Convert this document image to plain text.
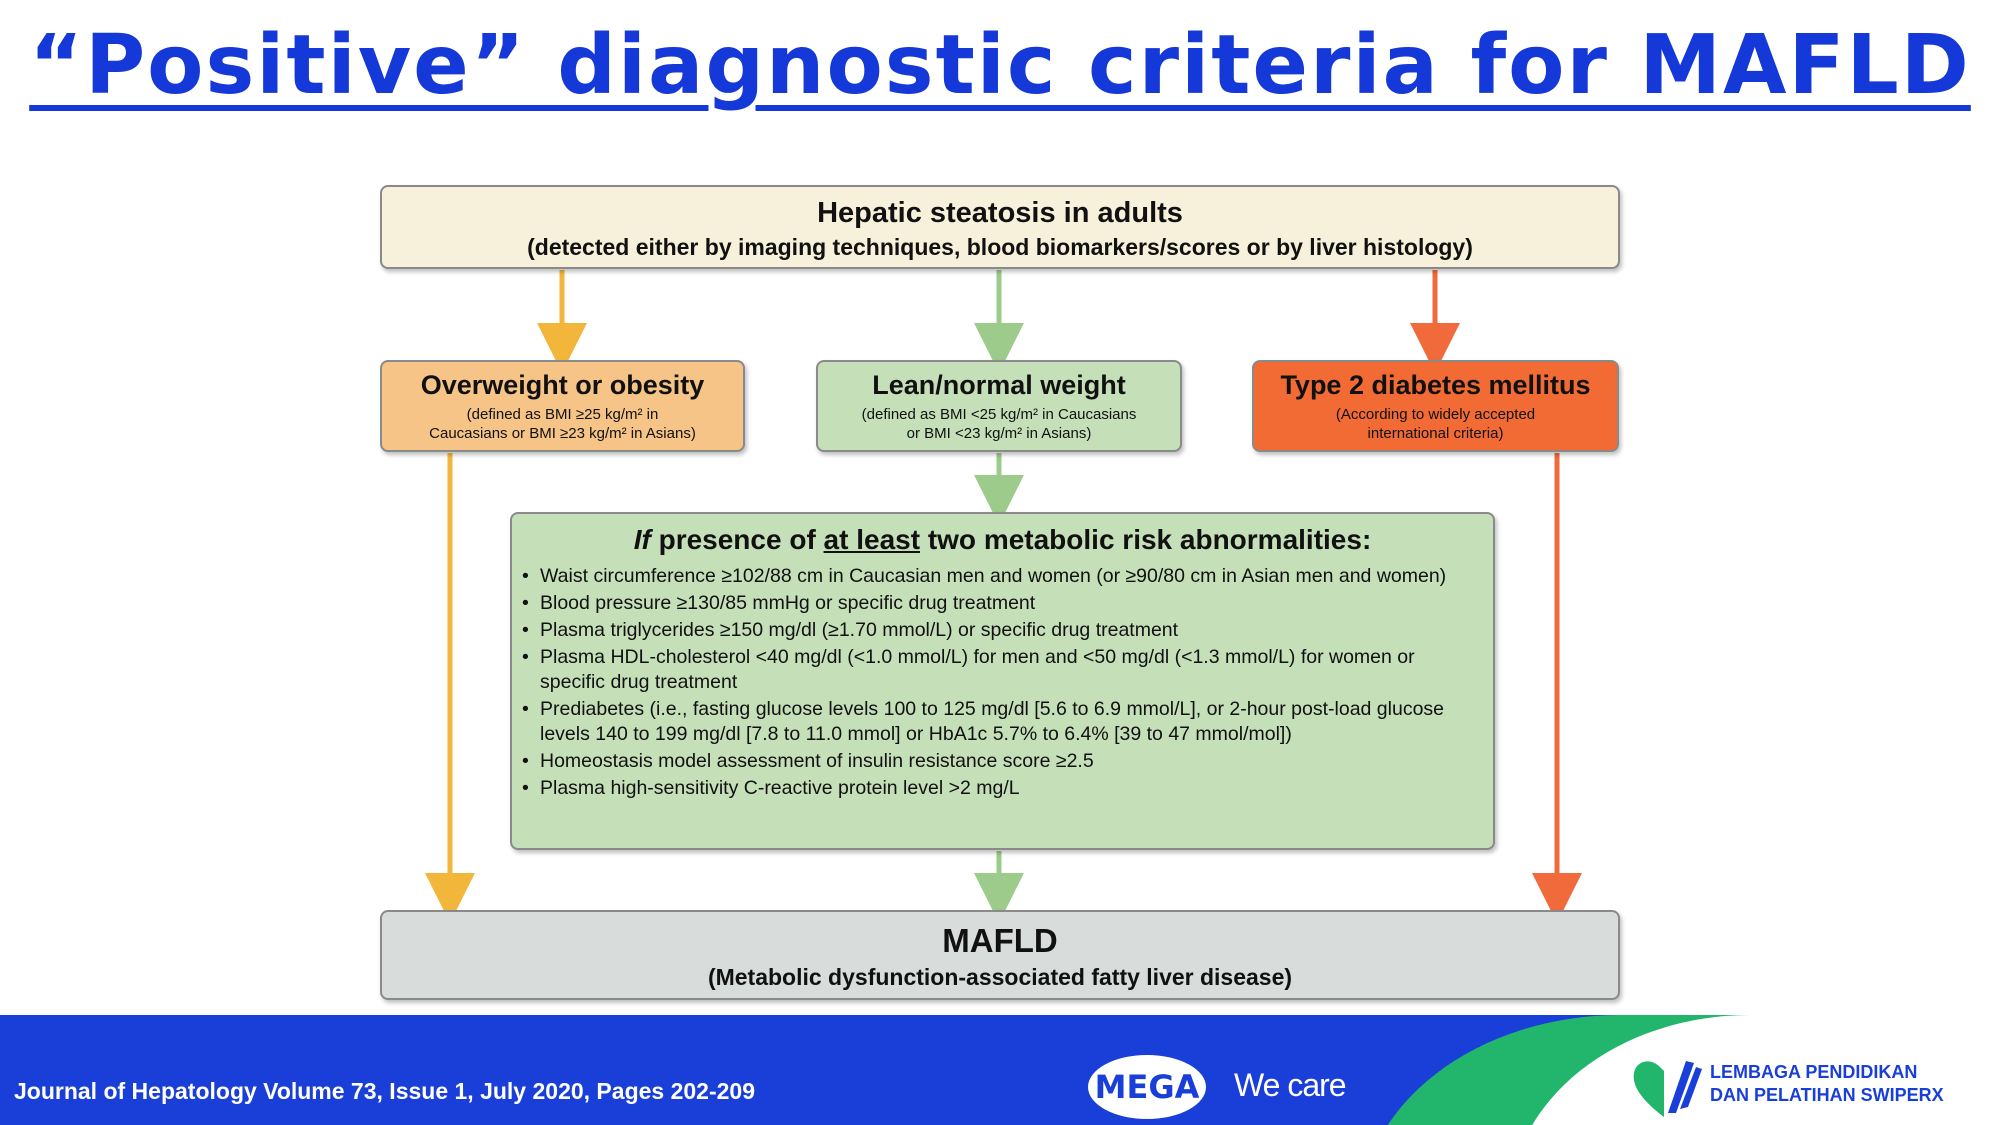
“Positive” diagnostic criteria for MAFLD
Hepatic steatosis in adults
(detected either by imaging techniques, blood biomarkers/scores or by liver histology)
Overweight or obesity
(defined as BMI ≥25 kg/m² in
Caucasians or BMI ≥23 kg/m² in Asians)
Lean/normal weight
(defined as BMI <25 kg/m² in Caucasians
or BMI <23 kg/m² in Asians)
Type 2 diabetes mellitus
(According to widely accepted
international criteria)
If presence of at least two metabolic risk abnormalities:
• Waist circumference ≥102/88 cm in Caucasian men and women (or ≥90/80 cm in Asian men and women)
• Blood pressure ≥130/85 mmHg or specific drug treatment
• Plasma triglycerides ≥150 mg/dl (≥1.70 mmol/L) or specific drug treatment
• Plasma HDL-cholesterol <40 mg/dl (<1.0 mmol/L) for men and <50 mg/dl (<1.3 mmol/L) for women or specific drug treatment
• Prediabetes (i.e., fasting glucose levels 100 to 125 mg/dl [5.6 to 6.9 mmol/L], or 2-hour post-load glucose levels 140 to 199 mg/dl [7.8 to 11.0 mmol] or HbA1c 5.7% to 6.4% [39 to 47 mmol/mol])
• Homeostasis model assessment of insulin resistance score ≥2.5
• Plasma high-sensitivity C-reactive protein level >2 mg/L
MAFLD
(Metabolic dysfunction-associated fatty liver disease)
Journal of Hepatology Volume 73, Issue 1, July 2020, Pages 202-209	MEGA We care	LEMBAGA PENDIDIKAN
DAN PELATIHAN SWIPERX
